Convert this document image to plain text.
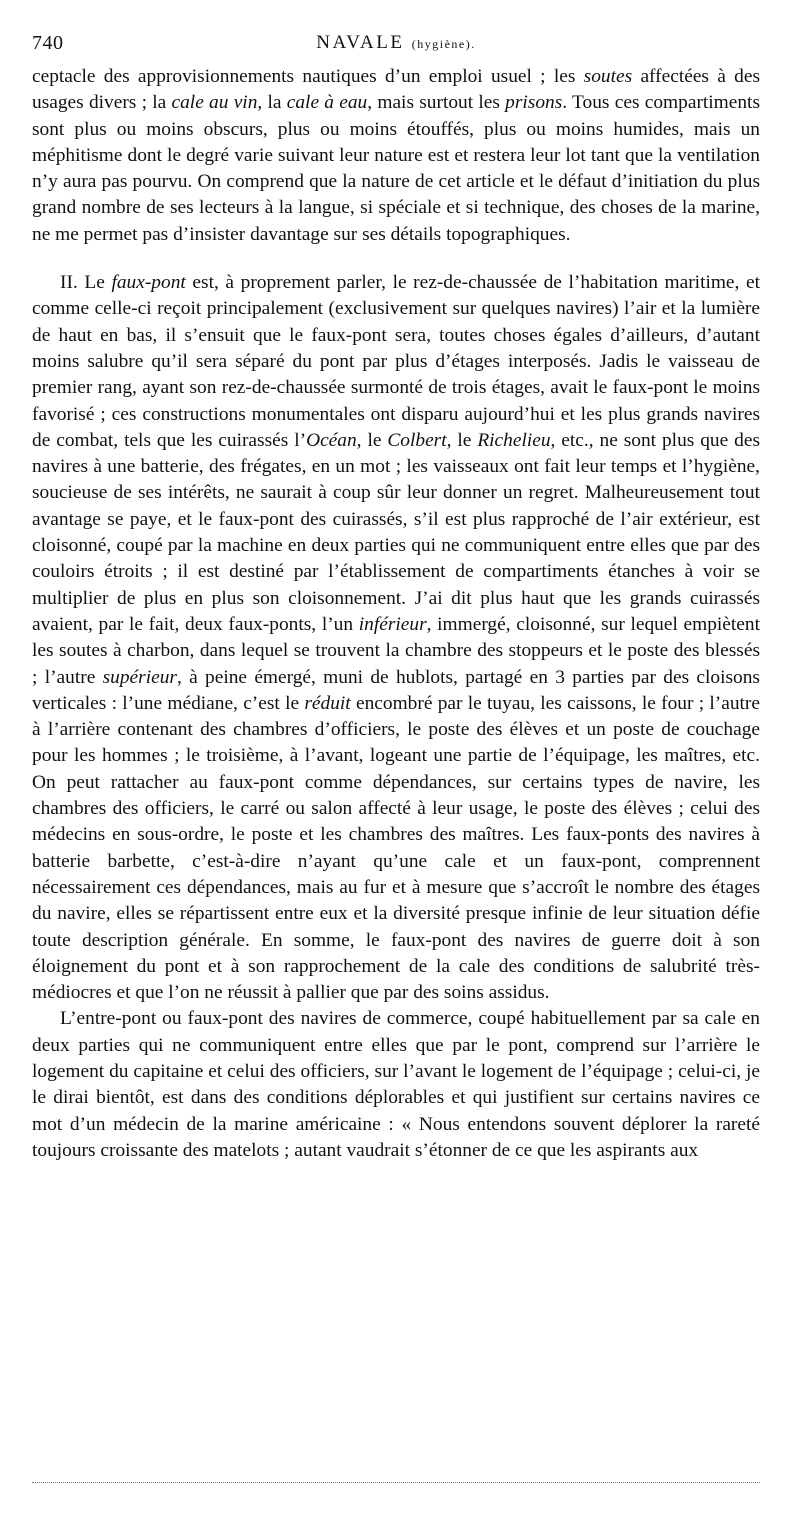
740	NAVALE (hygiène).

ceptacle des approvisionnements nautiques d’un emploi usuel ; les soutes affectées à des usages divers ; la cale au vin, la cale à eau, mais surtout les prisons. Tous ces compartiments sont plus ou moins obscurs, plus ou moins étouffés, plus ou moins humides, mais un méphitisme dont le degré varie suivant leur nature est et restera leur lot tant que la ventilation n’y aura pas pourvu. On comprend que la nature de cet article et le défaut d’initiation du plus grand nombre de ses lecteurs à la langue, si spéciale et si technique, des choses de la marine, ne me permet pas d’insister davantage sur ses détails topographiques.

II. Le faux-pont est, à proprement parler, le rez-de-chaussée de l’habitation maritime, et comme celle-ci reçoit principalement (exclusivement sur quelques navires) l’air et la lumière de haut en bas, il s’ensuit que le faux-pont sera, toutes choses égales d’ailleurs, d’autant moins salubre qu’il sera séparé du pont par plus d’étages interposés. Jadis le vaisseau de premier rang, ayant son rez-de-chaussée surmonté de trois étages, avait le faux-pont le moins favorisé ; ces constructions monumentales ont disparu aujourd’hui et les plus grands navires de combat, tels que les cuirassés l’Océan, le Colbert, le Richelieu, etc., ne sont plus que des navires à une batterie, des frégates, en un mot ; les vaisseaux ont fait leur temps et l’hygiène, soucieuse de ses intérêts, ne saurait à coup sûr leur donner un regret. Malheureusement tout avantage se paye, et le faux-pont des cuirassés, s’il est plus rapproché de l’air extérieur, est cloisonné, coupé par la machine en deux parties qui ne communiquent entre elles que par des couloirs étroits ; il est destiné par l’établissement de compartiments étanches à voir se multiplier de plus en plus son cloisonnement. J’ai dit plus haut que les grands cuirassés avaient, par le fait, deux faux-ponts, l’un inférieur, immergé, cloisonné, sur lequel empiètent les soutes à charbon, dans lequel se trouvent la chambre des stoppeurs et le poste des blessés ; l’autre supérieur, à peine émergé, muni de hublots, partagé en 3 parties par des cloisons verticales : l’une médiane, c’est le réduit encombré par le tuyau, les caissons, le four ; l’autre à l’arrière contenant des chambres d’officiers, le poste des élèves et un poste de couchage pour les hommes ; le troisième, à l’avant, logeant une partie de l’équipage, les maîtres, etc. On peut rattacher au faux-pont comme dépendances, sur certains types de navire, les chambres des officiers, le carré ou salon affecté à leur usage, le poste des élèves ; celui des médecins en sous-ordre, le poste et les chambres des maîtres. Les faux-ponts des navires à batterie barbette, c’est-à-dire n’ayant qu’une cale et un faux-pont, comprennent nécessairement ces dépendances, mais au fur et à mesure que s’accroît le nombre des étages du navire, elles se répartissent entre eux et la diversité presque infinie de leur situation défie toute description générale. En somme, le faux-pont des navires de guerre doit à son éloignement du pont et à son rapprochement de la cale des conditions de salubrité très-médiocres et que l’on ne réussit à pallier que par des soins assidus.

L’entre-pont ou faux-pont des navires de commerce, coupé habituellement par sa cale en deux parties qui ne communiquent entre elles que par le pont, comprend sur l’arrière le logement du capitaine et celui des officiers, sur l’avant le logement de l’équipage ; celui-ci, je le dirai bientôt, est dans des conditions déplorables et qui justifient sur certains navires ce mot d’un médecin de la marine américaine : « Nous entendons souvent déplorer la rareté toujours croissante des matelots ; autant vaudrait s’étonner de ce que les aspirants aux
